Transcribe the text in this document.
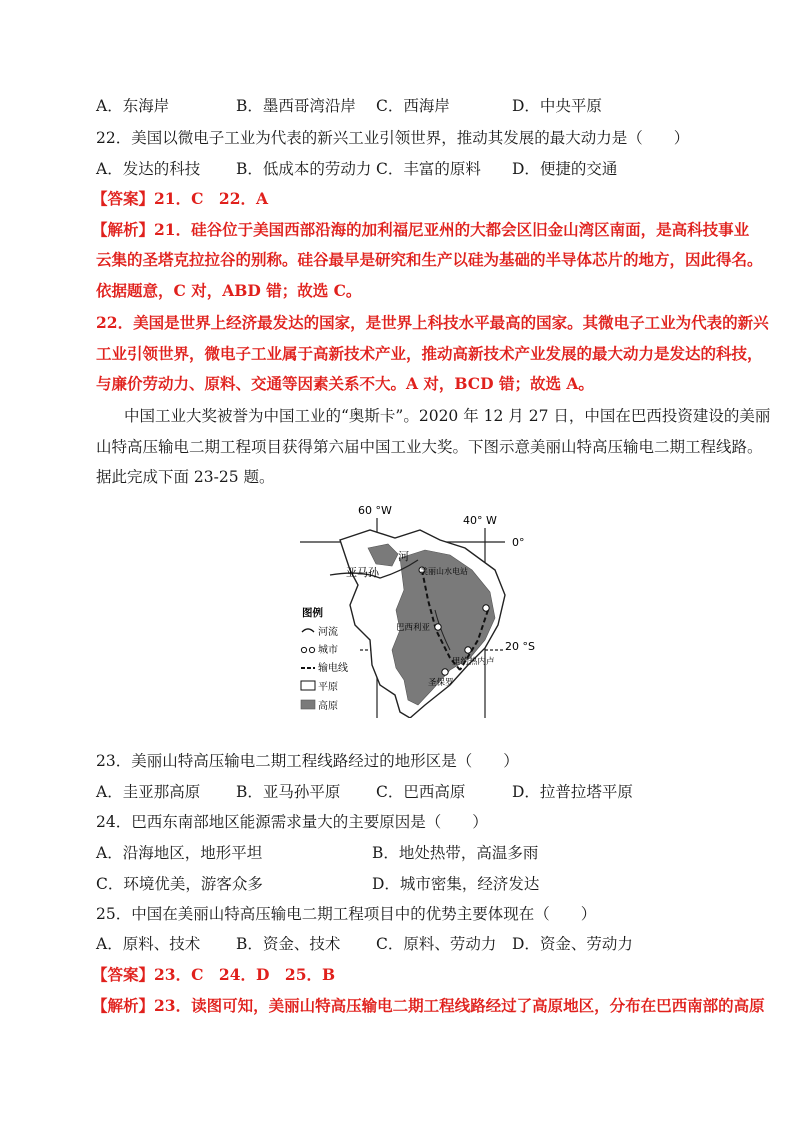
A．东海岸	B．墨西哥湾沿岸 C．西海岸	D．中央平原
22．美国以微电子工业为代表的新兴工业引领世界，推动其发展的最大动力是（　　）
A．发达的科技 B．低成本的劳动力 C．丰富的原料 D．便捷的交通
【答案】21．C　22．A
【解析】21．硅谷位于美国西部沿海的加利福尼亚州的大都会区旧金山湾区南面，是高科技事业
云集的圣塔克拉拉谷的别称。硅谷最早是研究和生产以硅为基础的半导体芯片的地方，因此得名。
依据题意，C 对，ABD 错；故选 C。
22．美国是世界上经济最发达的国家，是世界上科技水平最高的国家。其微电子工业为代表的新兴
工业引领世界，微电子工业属于高新技术产业，推动高新技术产业发展的最大动力是发达的科技，
与廉价劳动力、原料、交通等因素关系不大。A 对，BCD 错；故选 A。
中国工业大奖被誉为中国工业的“奥斯卡”。2020 年 12 月 27 日，中国在巴西投资建设的美丽
山特高压输电二期工程项目获得第六届中国工业大奖。下图示意美丽山特高压输电二期工程线路。
据此完成下面 23-25 题。
60 °W
40° W
0°
20 °S
亚马孙
河
美丽山水电站
巴西利亚
里约热内卢
圣保罗
图例
河流
城市
输电线
平原
高原
23．美丽山特高压输电二期工程线路经过的地形区是（　　）
A．圭亚那高原 B．亚马孙平原 C．巴西高原	D．拉普拉塔平原
24．巴西东南部地区能源需求量大的主要原因是（　　）
A．沿海地区，地形平坦	B．地处热带，高温多雨
C．环境优美，游客众多	D．城市密集，经济发达
25．中国在美丽山特高压输电二期工程项目中的优势主要体现在（　　）
A．原料、技术 B．资金、技术 C．原料、劳动力 D．资金、劳动力
【答案】23．C　24．D　25．B
【解析】23．读图可知，美丽山特高压输电二期工程线路经过了高原地区，分布在巴西南部的高原
